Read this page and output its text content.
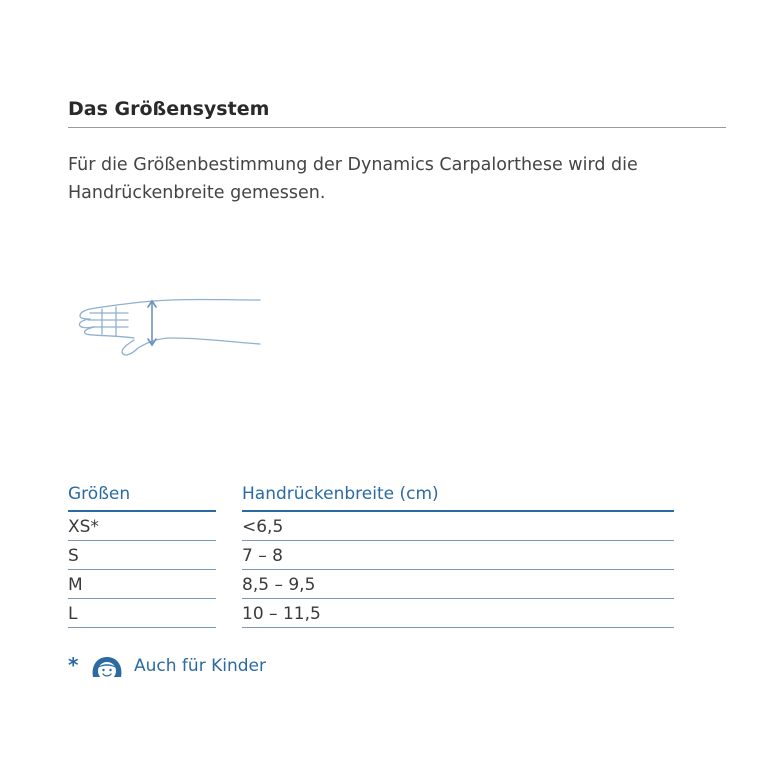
Das Größensystem
Für die Größenbestimmung der Dynamics Carpalorthese wird die Handrückenbreite gemessen.
Größen	Handrückenbreite (cm)
XS*	<6,5
S	7 – 8
M	8,5 – 9,5
L	10 – 11,5
*	Auch für Kinder
